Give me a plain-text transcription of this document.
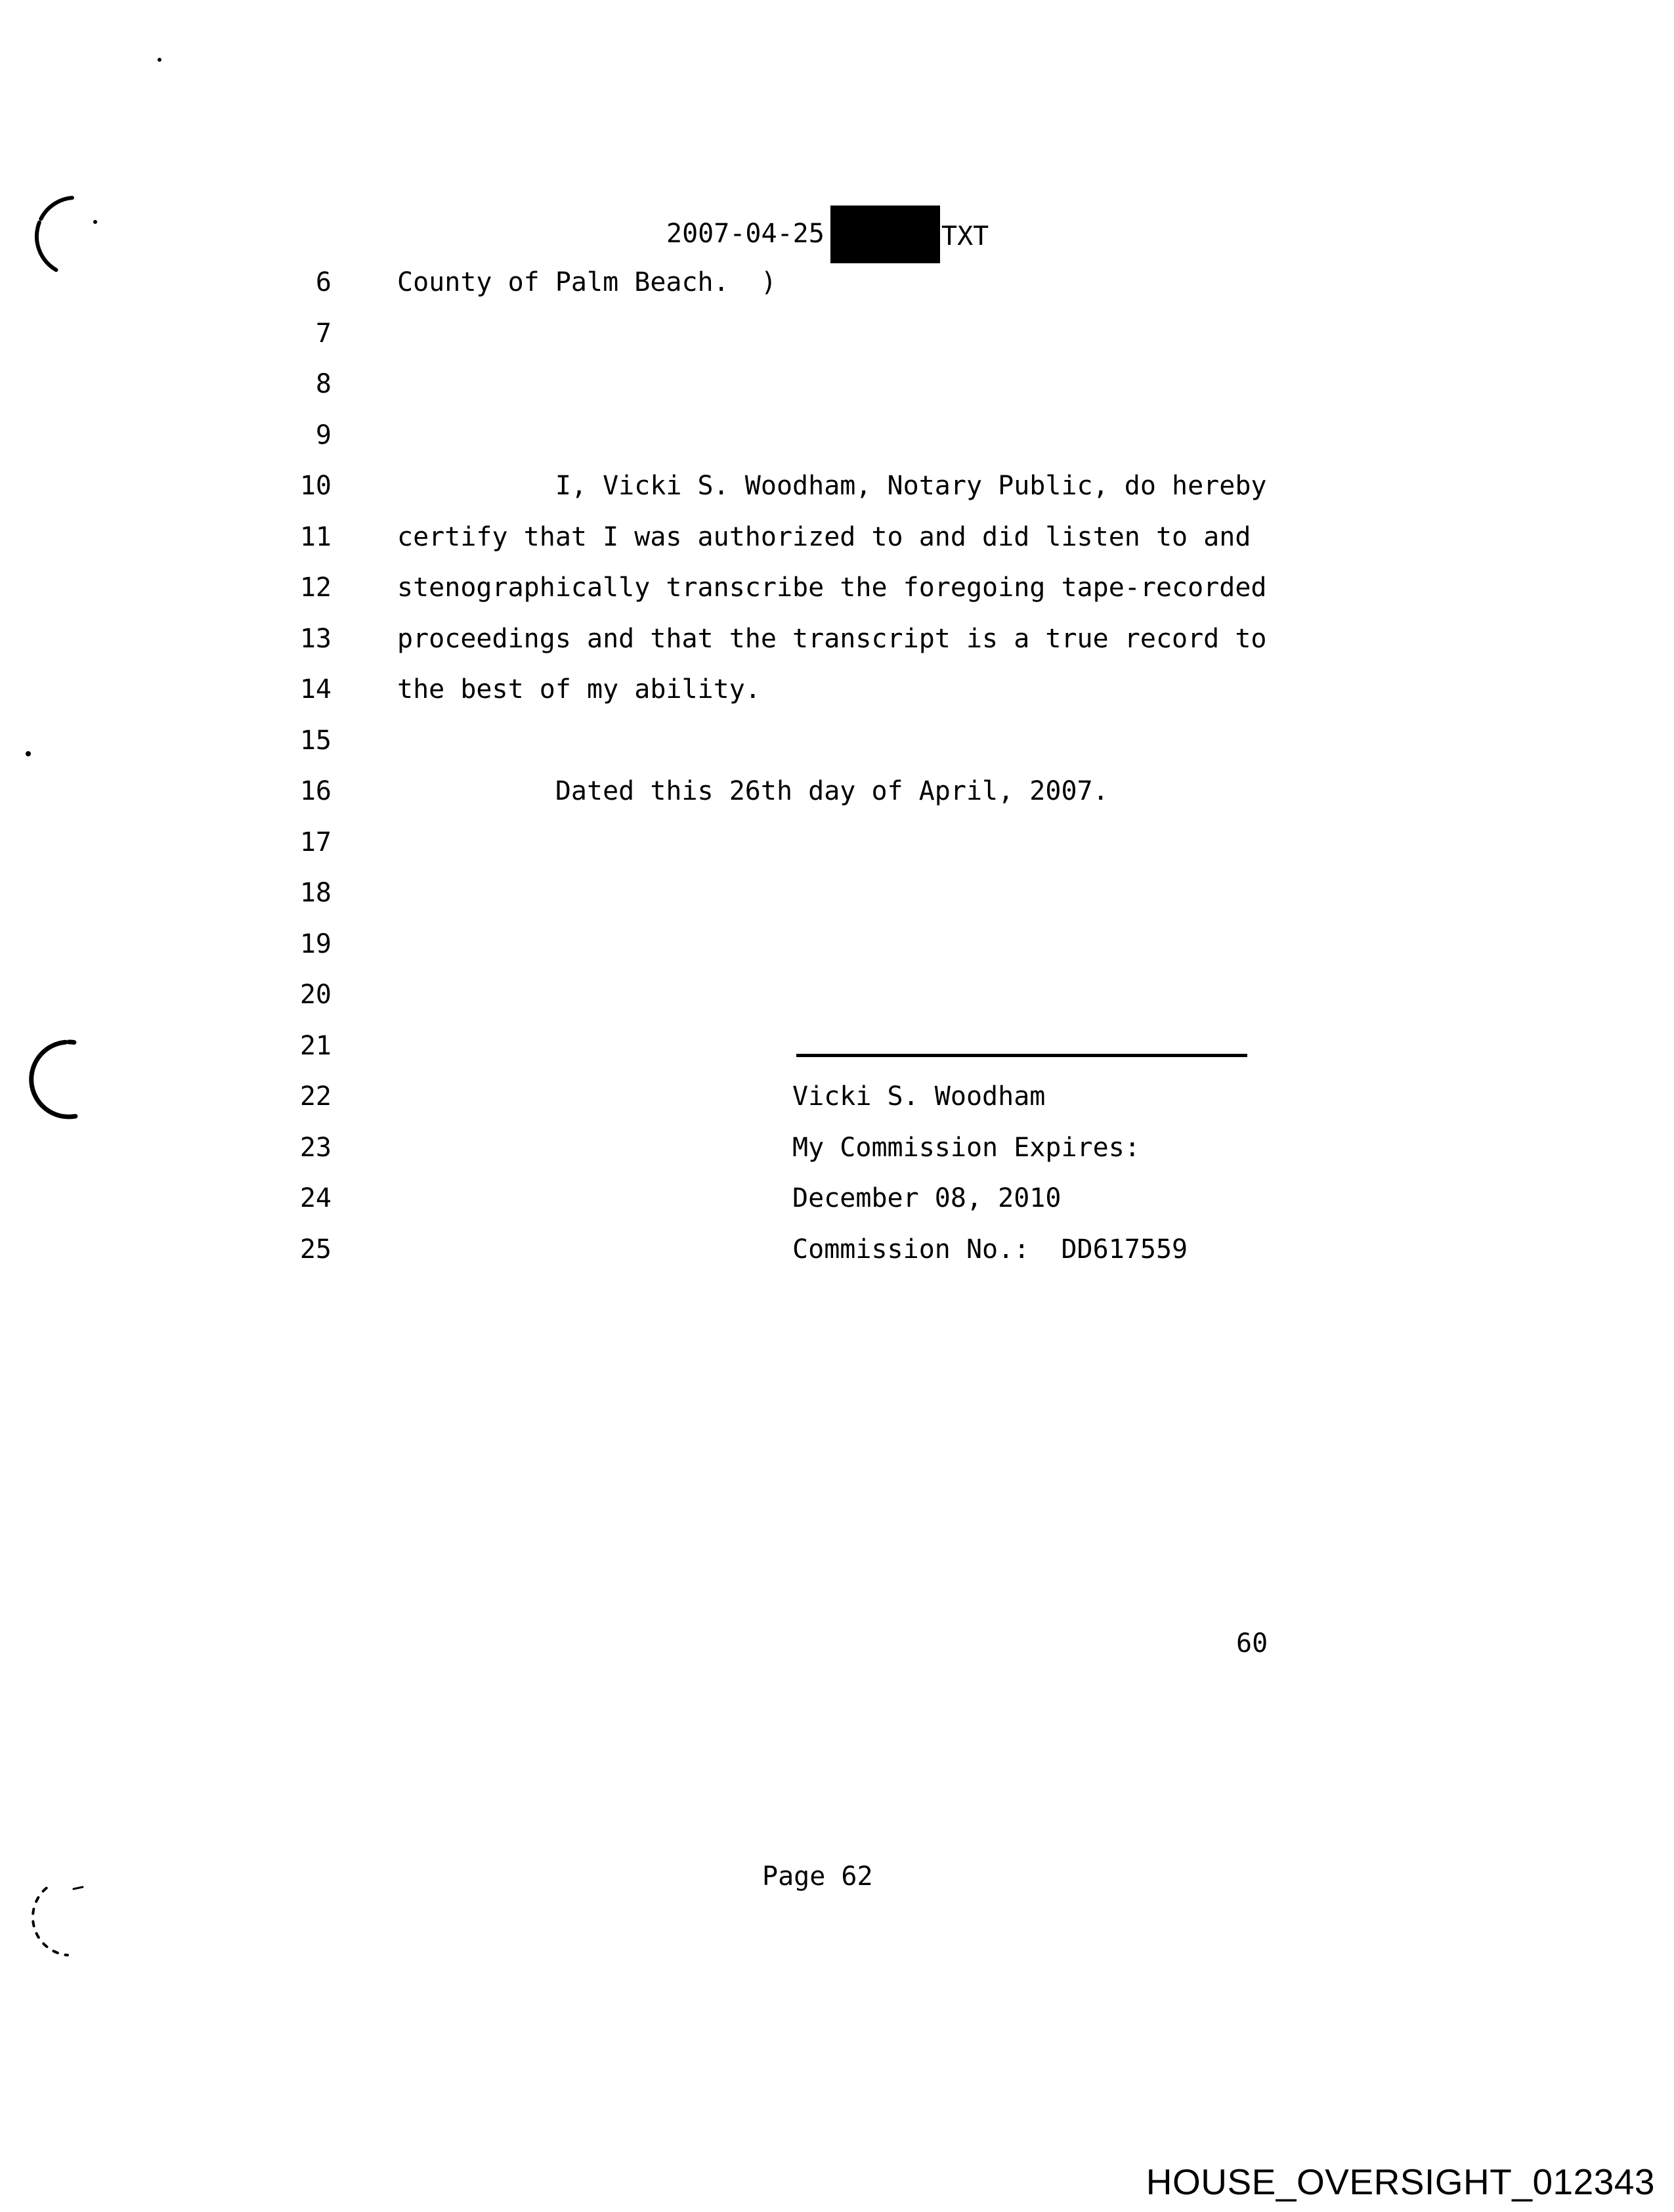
2007-04-25	TXT
6	County of Palm Beach.  )
7
8
9
10	I, Vicki S. Woodham, Notary Public, do hereby
11	certify that I was authorized to and did listen to and
12	stenographically transcribe the foregoing tape-recorded
13	proceedings and that the transcript is a true record to
14	the best of my ability.
15
16	Dated this 26th day of April, 2007.
17
18
19
20
21
22	Vicki S. Woodham
23	My Commission Expires:
24	December 08, 2010
25	Commission No.:  DD617559
60
Page 62
HOUSE_OVERSIGHT_012343
